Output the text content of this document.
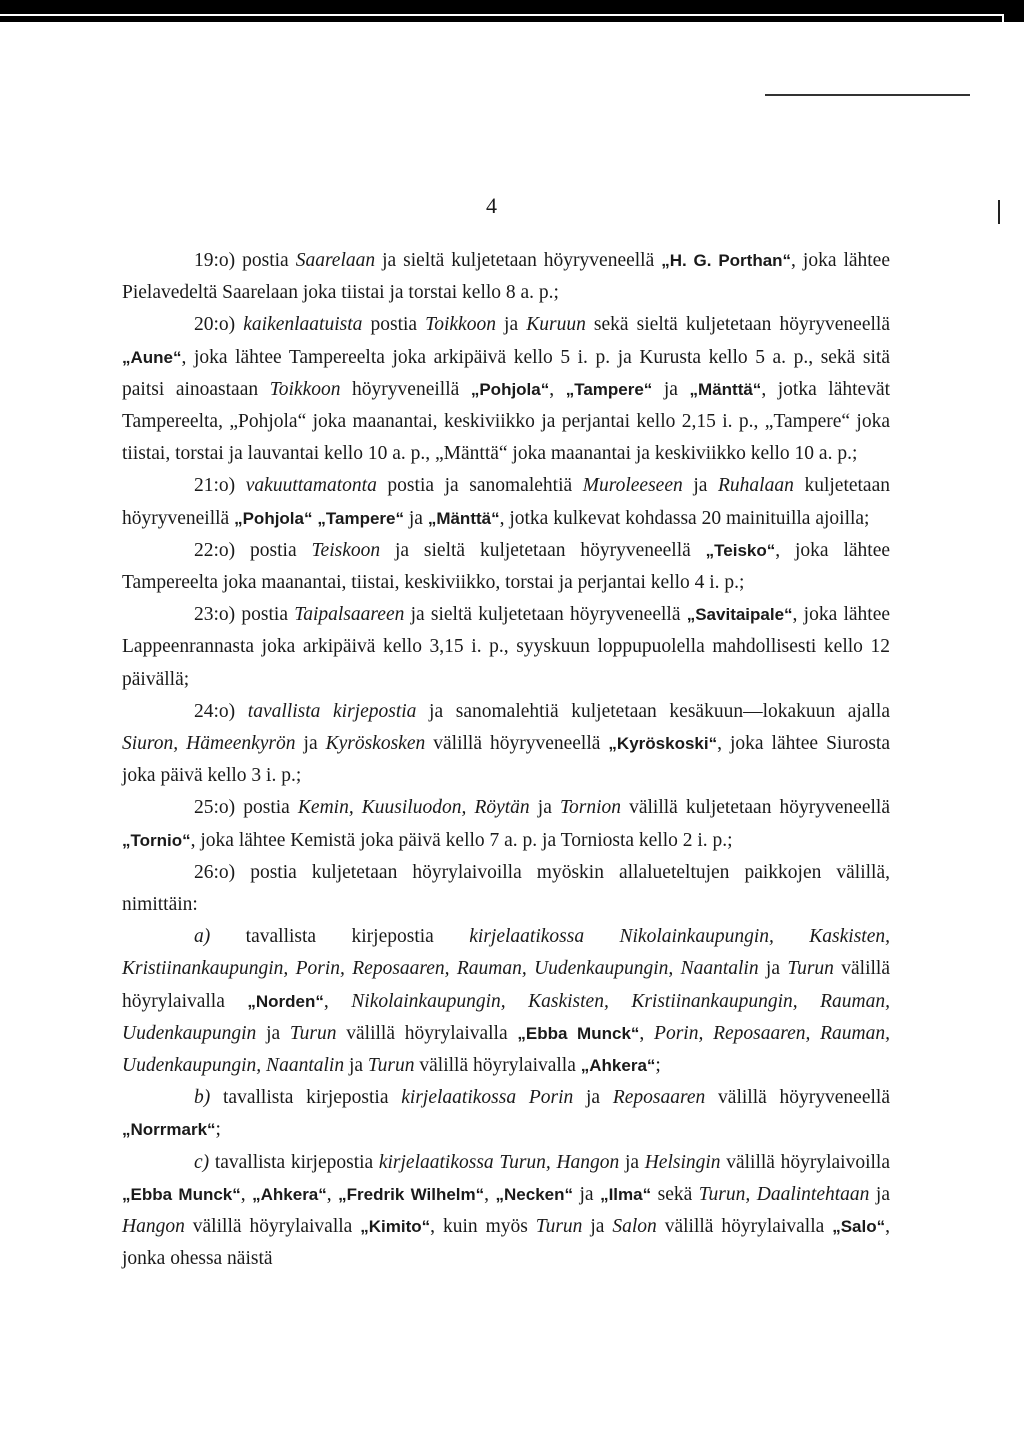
4

19:o) postia Saarelaan ja sieltä kuljetetaan höyryveneellä „H. G. Porthan“, joka lähtee Pielavedeltä Saarelaan joka tiistai ja torstai kello 8 a. p.;

20:o) kaikenlaatuista postia Toikkoon ja Kuruun sekä sieltä kuljetetaan höyryveneellä „Aune“, joka lähtee Tampereelta joka arkipäivä kello 5 i. p. ja Kurusta kello 5 a. p., sekä sitä paitsi ainoastaan Toikkoon höyryveneillä „Pohjola“, „Tampere“ ja „Mänttä“, jotka lähtevät Tampereelta, „Pohjola“ joka maanantai, keskiviikko ja perjantai kello 2,15 i. p., „Tampere“ joka tiistai, torstai ja lauvantai kello 10 a. p., „Mänttä“ joka maanantai ja keskiviikko kello 10 a. p.;

21:o) vakuuttamatonta postia ja sanomalehtiä Muroleeseen ja Ruhalaan kuljetetaan höyryveneillä „Pohjola“ „Tampere“ ja „Mänttä“, jotka kulkevat kohdassa 20 mainituilla ajoilla;

22:o) postia Teiskoon ja sieltä kuljetetaan höyryveneellä „Teisko“, joka lähtee Tampereelta joka maanantai, tiistai, keskiviikko, torstai ja perjantai kello 4 i. p.;

23:o) postia Taipalsaareen ja sieltä kuljetetaan höyryveneellä „Savitaipale“, joka lähtee Lappeenrannasta joka arkipäivä kello 3,15 i. p., syyskuun loppupuolella mahdollisesti kello 12 päivällä;

24:o) tavallista kirjepostia ja sanomalehtiä kuljetetaan kesäkuun—lokakuun ajalla Siuron, Hämeenkyrön ja Kyröskosken välillä höyryveneellä „Kyröskoski“, joka lähtee Siurosta joka päivä kello 3 i. p.;

25:o) postia Kemin, Kuusiluodon, Röytän ja Tornion välillä kuljetetaan höyryveneellä „Tornio“, joka lähtee Kemistä joka päivä kello 7 a. p. ja Torniosta kello 2 i. p.;

26:o) postia kuljetetaan höyrylaivoilla myöskin allalueteltujen paikkojen välillä, nimittäin:

a) tavallista kirjepostia kirjelaatikossa Nikolainkaupungin, Kaskisten, Kristiinankaupungin, Porin, Reposaaren, Rauman, Uudenkaupungin, Naantalin ja Turun välillä höyrylaivalla „Norden“, Nikolainkaupungin, Kaskisten, Kristiinankaupungin, Rauman, Uudenkaupungin ja Turun välillä höyrylaivalla „Ebba Munck“, Porin, Reposaaren, Rauman, Uudenkaupungin, Naantalin ja Turun välillä höyrylaivalla „Ahkera“;

b) tavallista kirjepostia kirjelaatikossa Porin ja Reposaaren välillä höyryveneellä „Norrmark“;

c) tavallista kirjepostia kirjelaatikossa Turun, Hangon ja Helsingin välillä höyrylaivoilla „Ebba Munck“, „Ahkera“, „Fredrik Wilhelm“, „Necken“ ja „Ilma“ sekä Turun, Daalintehtaan ja Hangon välillä höyrylaivalla „Kimito“, kuin myös Turun ja Salon välillä höyrylaivalla „Salo“, jonka ohessa näistä
